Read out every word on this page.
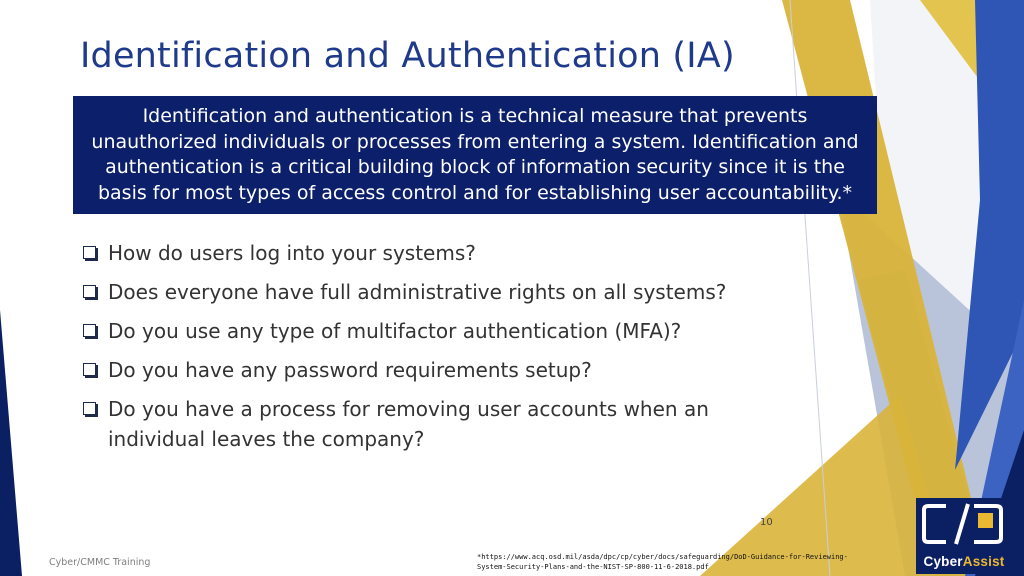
Identification and Authentication (IA)

Identification and authentication is a technical measure that prevents unauthorized individuals or processes from entering a system. Identification and authentication is a critical building block of information security since it is the basis for most types of access control and for establishing user accountability.*

How do users log into your systems?
Does everyone have full administrative rights on all systems?
Do you use any type of multifactor authentication (MFA)?
Do you have any password requirements setup?
Do you have a process for removing user accounts when an individual leaves the company?
10
Cyber/CMMC Training	*https://www.acq.osd.mil/asda/dpc/cp/cyber/docs/safeguarding/DoD-Guidance-for-Reviewing-System-Security-Plans-and-the-NIST-SP-800-11-6-2018.pdf	CyberAssist
